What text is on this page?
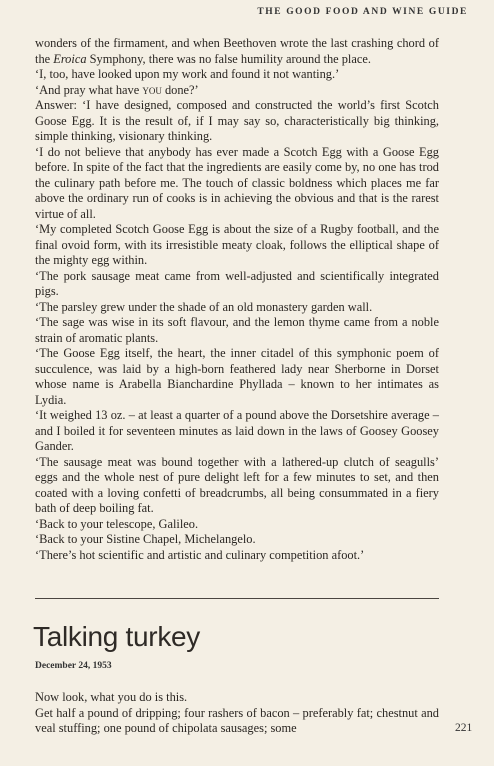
THE GOOD FOOD AND WINE GUIDE

wonders of the firmament, and when Beethoven wrote the last crashing chord of the Eroica Symphony, there was no false humility around the place.

‘I, too, have looked upon my work and found it not wanting.’

‘And pray what have you done?’

Answer: ‘I have designed, composed and constructed the world’s first Scotch Goose Egg. It is the result of, if I may say so, characteristically big thinking, simple thinking, visionary thinking.

‘I do not believe that anybody has ever made a Scotch Egg with a Goose Egg before. In spite of the fact that the ingredients are easily come by, no one has trod the culinary path before me. The touch of classic boldness which places me far above the ordinary run of cooks is in achieving the obvious and that is the rarest virtue of all.

‘My completed Scotch Goose Egg is about the size of a Rugby football, and the final ovoid form, with its irresistible meaty cloak, follows the elliptical shape of the mighty egg within.

‘The pork sausage meat came from well-adjusted and scientifically integrated pigs.

‘The parsley grew under the shade of an old monastery garden wall.

‘The sage was wise in its soft flavour, and the lemon thyme came from a noble strain of aromatic plants.

‘The Goose Egg itself, the heart, the inner citadel of this symphonic poem of succulence, was laid by a high-born feathered lady near Sherborne in Dorset whose name is Arabella Bianchardine Phyllada – known to her intimates as Lydia.

‘It weighed 13 oz. – at least a quarter of a pound above the Dorsetshire average – and I boiled it for seventeen minutes as laid down in the laws of Goosey Goosey Gander.

‘The sausage meat was bound together with a lathered-up clutch of seagulls’ eggs and the whole nest of pure delight left for a few minutes to set, and then coated with a loving confetti of breadcrumbs, all being consummated in a fiery bath of deep boiling fat.

‘Back to your telescope, Galileo.

‘Back to your Sistine Chapel, Michelangelo.

‘There’s hot scientific and artistic and culinary competition afoot.’

Talking turkey
December 24, 1953

Now look, what you do is this.

Get half a pound of dripping; four rashers of bacon – preferably fat; chestnut and veal stuffing; one pound of chipolata sausages; some	221
